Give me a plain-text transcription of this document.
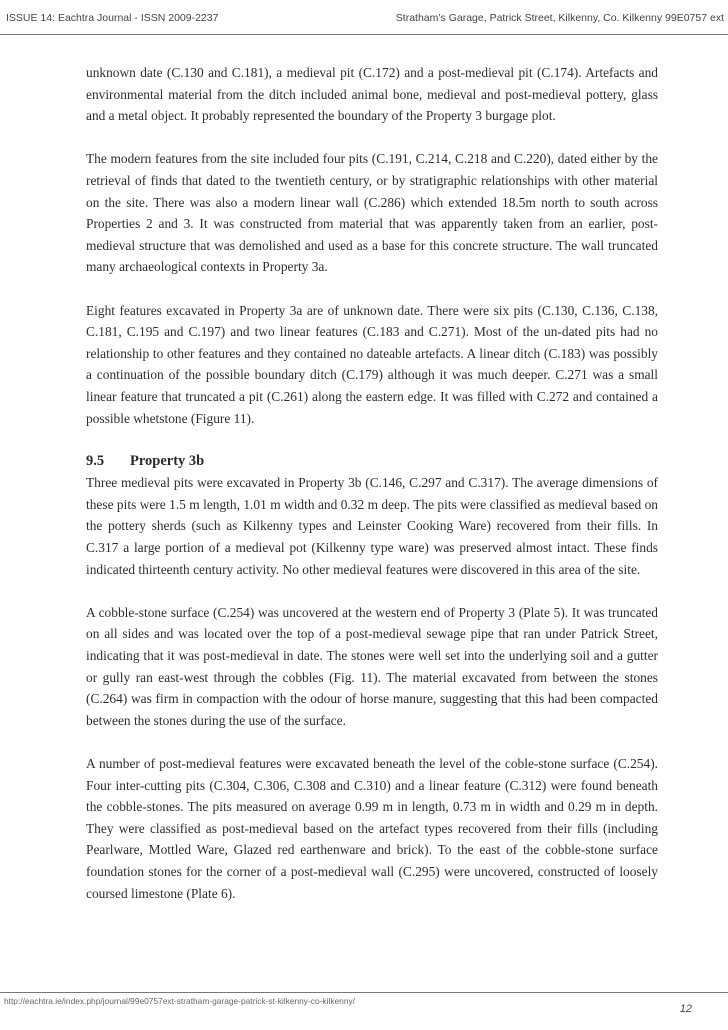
ISSUE 14: Eachtra Journal - ISSN 2009-2237	Stratham’s Garage, Patrick Street, Kilkenny, Co. Kilkenny 99E0757 ext

unknown date (C.130 and C.181), a medieval pit (C.172) and a post-medieval pit (C.174). Artefacts and environmental material from the ditch included animal bone, medieval and post-medieval pottery, glass and a metal object. It probably represented the boundary of the Property 3 burgage plot.

The modern features from the site included four pits (C.191, C.214, C.218 and C.220), dated either by the retrieval of finds that dated to the twentieth century, or by stratigraphic relationships with other material on the site. There was also a modern linear wall (C.286) which extended 18.5m north to south across Properties 2 and 3. It was constructed from material that was apparently taken from an earlier, post-medieval structure that was demolished and used as a base for this concrete structure. The wall truncated many archaeological contexts in Property 3a.

Eight features excavated in Property 3a are of unknown date. There were six pits (C.130, C.136, C.138, C.181, C.195 and C.197) and two linear features (C.183 and C.271). Most of the un-dated pits had no relationship to other features and they contained no dateable artefacts. A linear ditch (C.183) was possibly a continuation of the possible boundary ditch (C.179) although it was much deeper. C.271 was a small linear feature that truncated a pit (C.261) along the eastern edge. It was filled with C.272 and contained a possible whetstone (Figure 11).

9.5 Property 3b

Three medieval pits were excavated in Property 3b (C.146, C.297 and C.317). The average dimensions of these pits were 1.5 m length, 1.01 m width and 0.32 m deep. The pits were classified as medieval based on the pottery sherds (such as Kilkenny types and Leinster Cooking Ware) recovered from their fills. In C.317 a large portion of a medieval pot (Kilkenny type ware) was preserved almost intact. These finds indicated thirteenth century activity. No other medieval features were discovered in this area of the site.

A cobble-stone surface (C.254) was uncovered at the western end of Property 3 (Plate 5). It was truncated on all sides and was located over the top of a post-medieval sewage pipe that ran under Patrick Street, indicating that it was post-medieval in date. The stones were well set into the underlying soil and a gutter or gully ran east-west through the cobbles (Fig. 11). The material excavated from between the stones (C.264) was firm in compaction with the odour of horse manure, suggesting that this had been compacted between the stones during the use of the surface.

A number of post-medieval features were excavated beneath the level of the coble-stone surface (C.254). Four inter-cutting pits (C.304, C.306, C.308 and C.310) and a linear feature (C.312) were found beneath the cobble-stones. The pits measured on average 0.99 m in length, 0.73 m in width and 0.29 m in depth. They were classified as post-medieval based on the artefact types recovered from their fills (including Pearlware, Mottled Ware, Glazed red earthenware and brick). To the east of the cobble-stone surface foundation stones for the corner of a post-medieval wall (C.295) were uncovered, constructed of loosely coursed limestone (Plate 6).

http://eachtra.ie/index.php/journal/99e0757ext-stratham-garage-patrick-st-kilkenny-co-kilkenny/
12
